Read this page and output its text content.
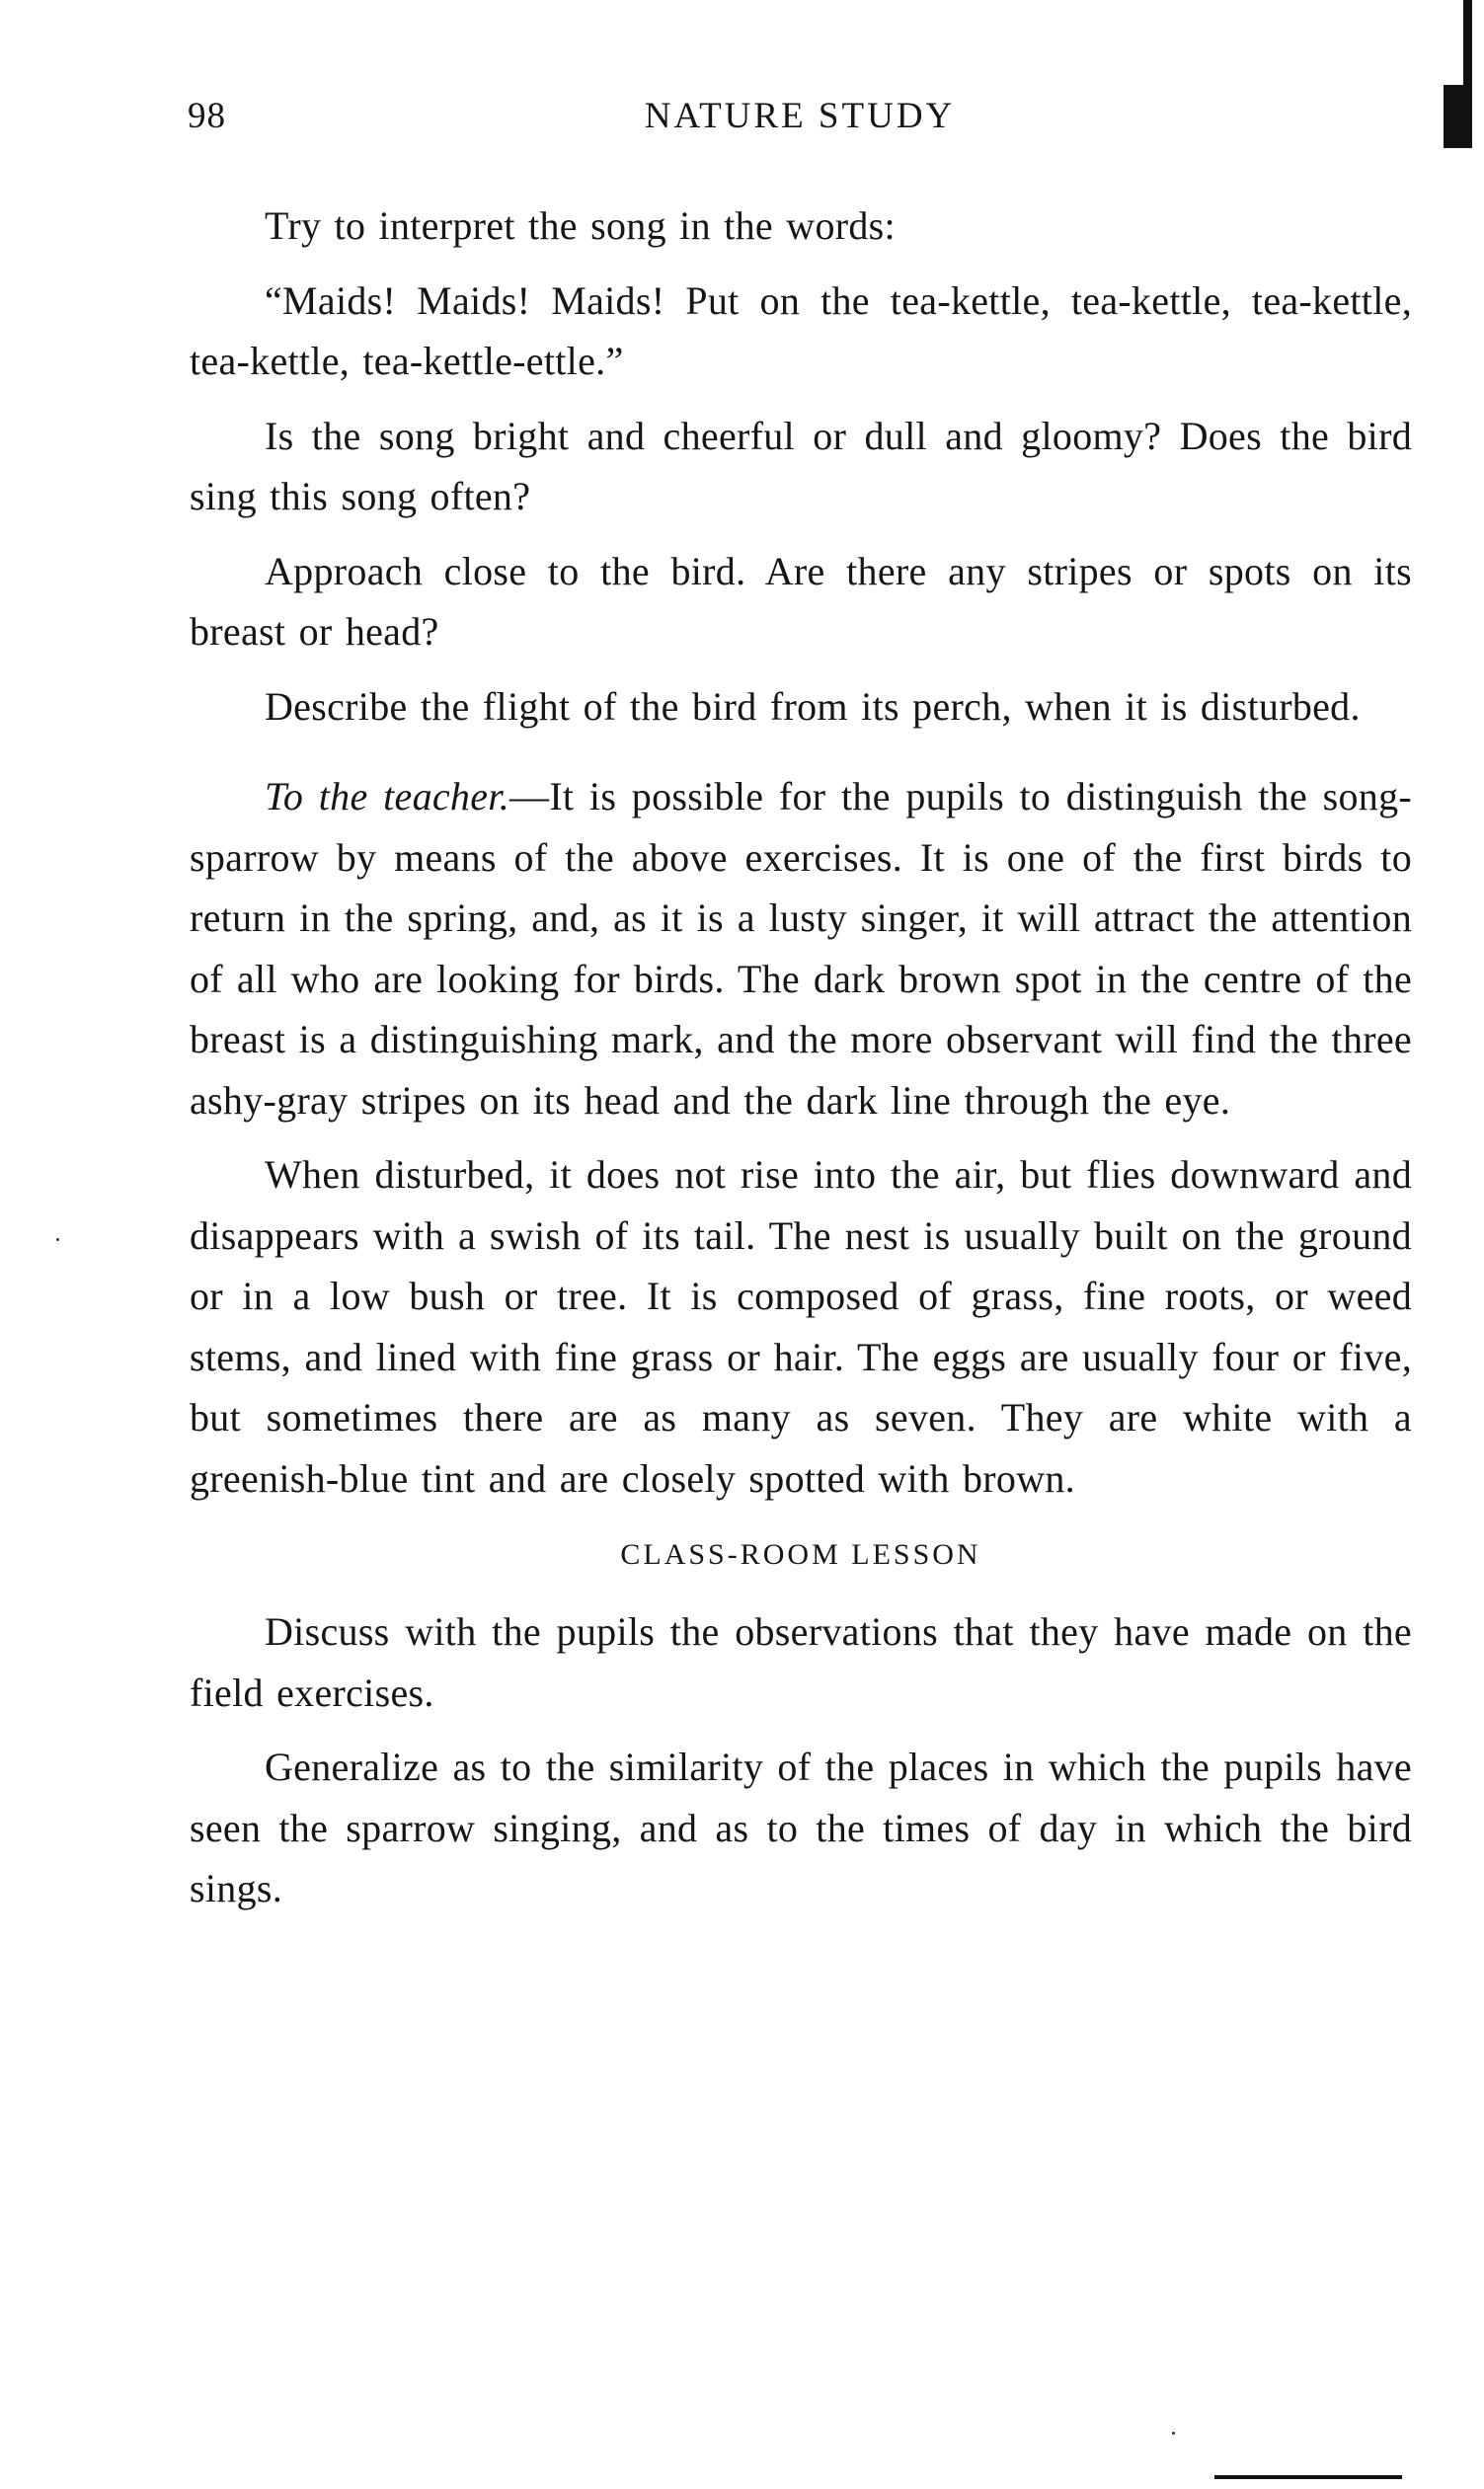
98	NATURE STUDY

Try to interpret the song in the words:

“Maids! Maids! Maids! Put on the tea-kettle, tea-kettle, tea-kettle, tea-kettle, tea-kettle-ettle.”

Is the song bright and cheerful or dull and gloomy? Does the bird sing this song often?

Approach close to the bird. Are there any stripes or spots on its breast or head?

Describe the flight of the bird from its perch, when it is disturbed.

To the teacher.—It is possible for the pupils to distinguish the song-sparrow by means of the above exercises. It is one of the first birds to return in the spring, and, as it is a lusty singer, it will attract the attention of all who are looking for birds. The dark brown spot in the centre of the breast is a distinguishing mark, and the more observant will find the three ashy-gray stripes on its head and the dark line through the eye.

When disturbed, it does not rise into the air, but flies downward and disappears with a swish of its tail. The nest is usually built on the ground or in a low bush or tree. It is composed of grass, fine roots, or weed stems, and lined with fine grass or hair. The eggs are usually four or five, but sometimes there are as many as seven. They are white with a greenish-blue tint and are closely spotted with brown.

CLASS-ROOM LESSON

Discuss with the pupils the observations that they have made on the field exercises.

Generalize as to the similarity of the places in which the pupils have seen the sparrow singing, and as to the times of day in which the bird sings.
